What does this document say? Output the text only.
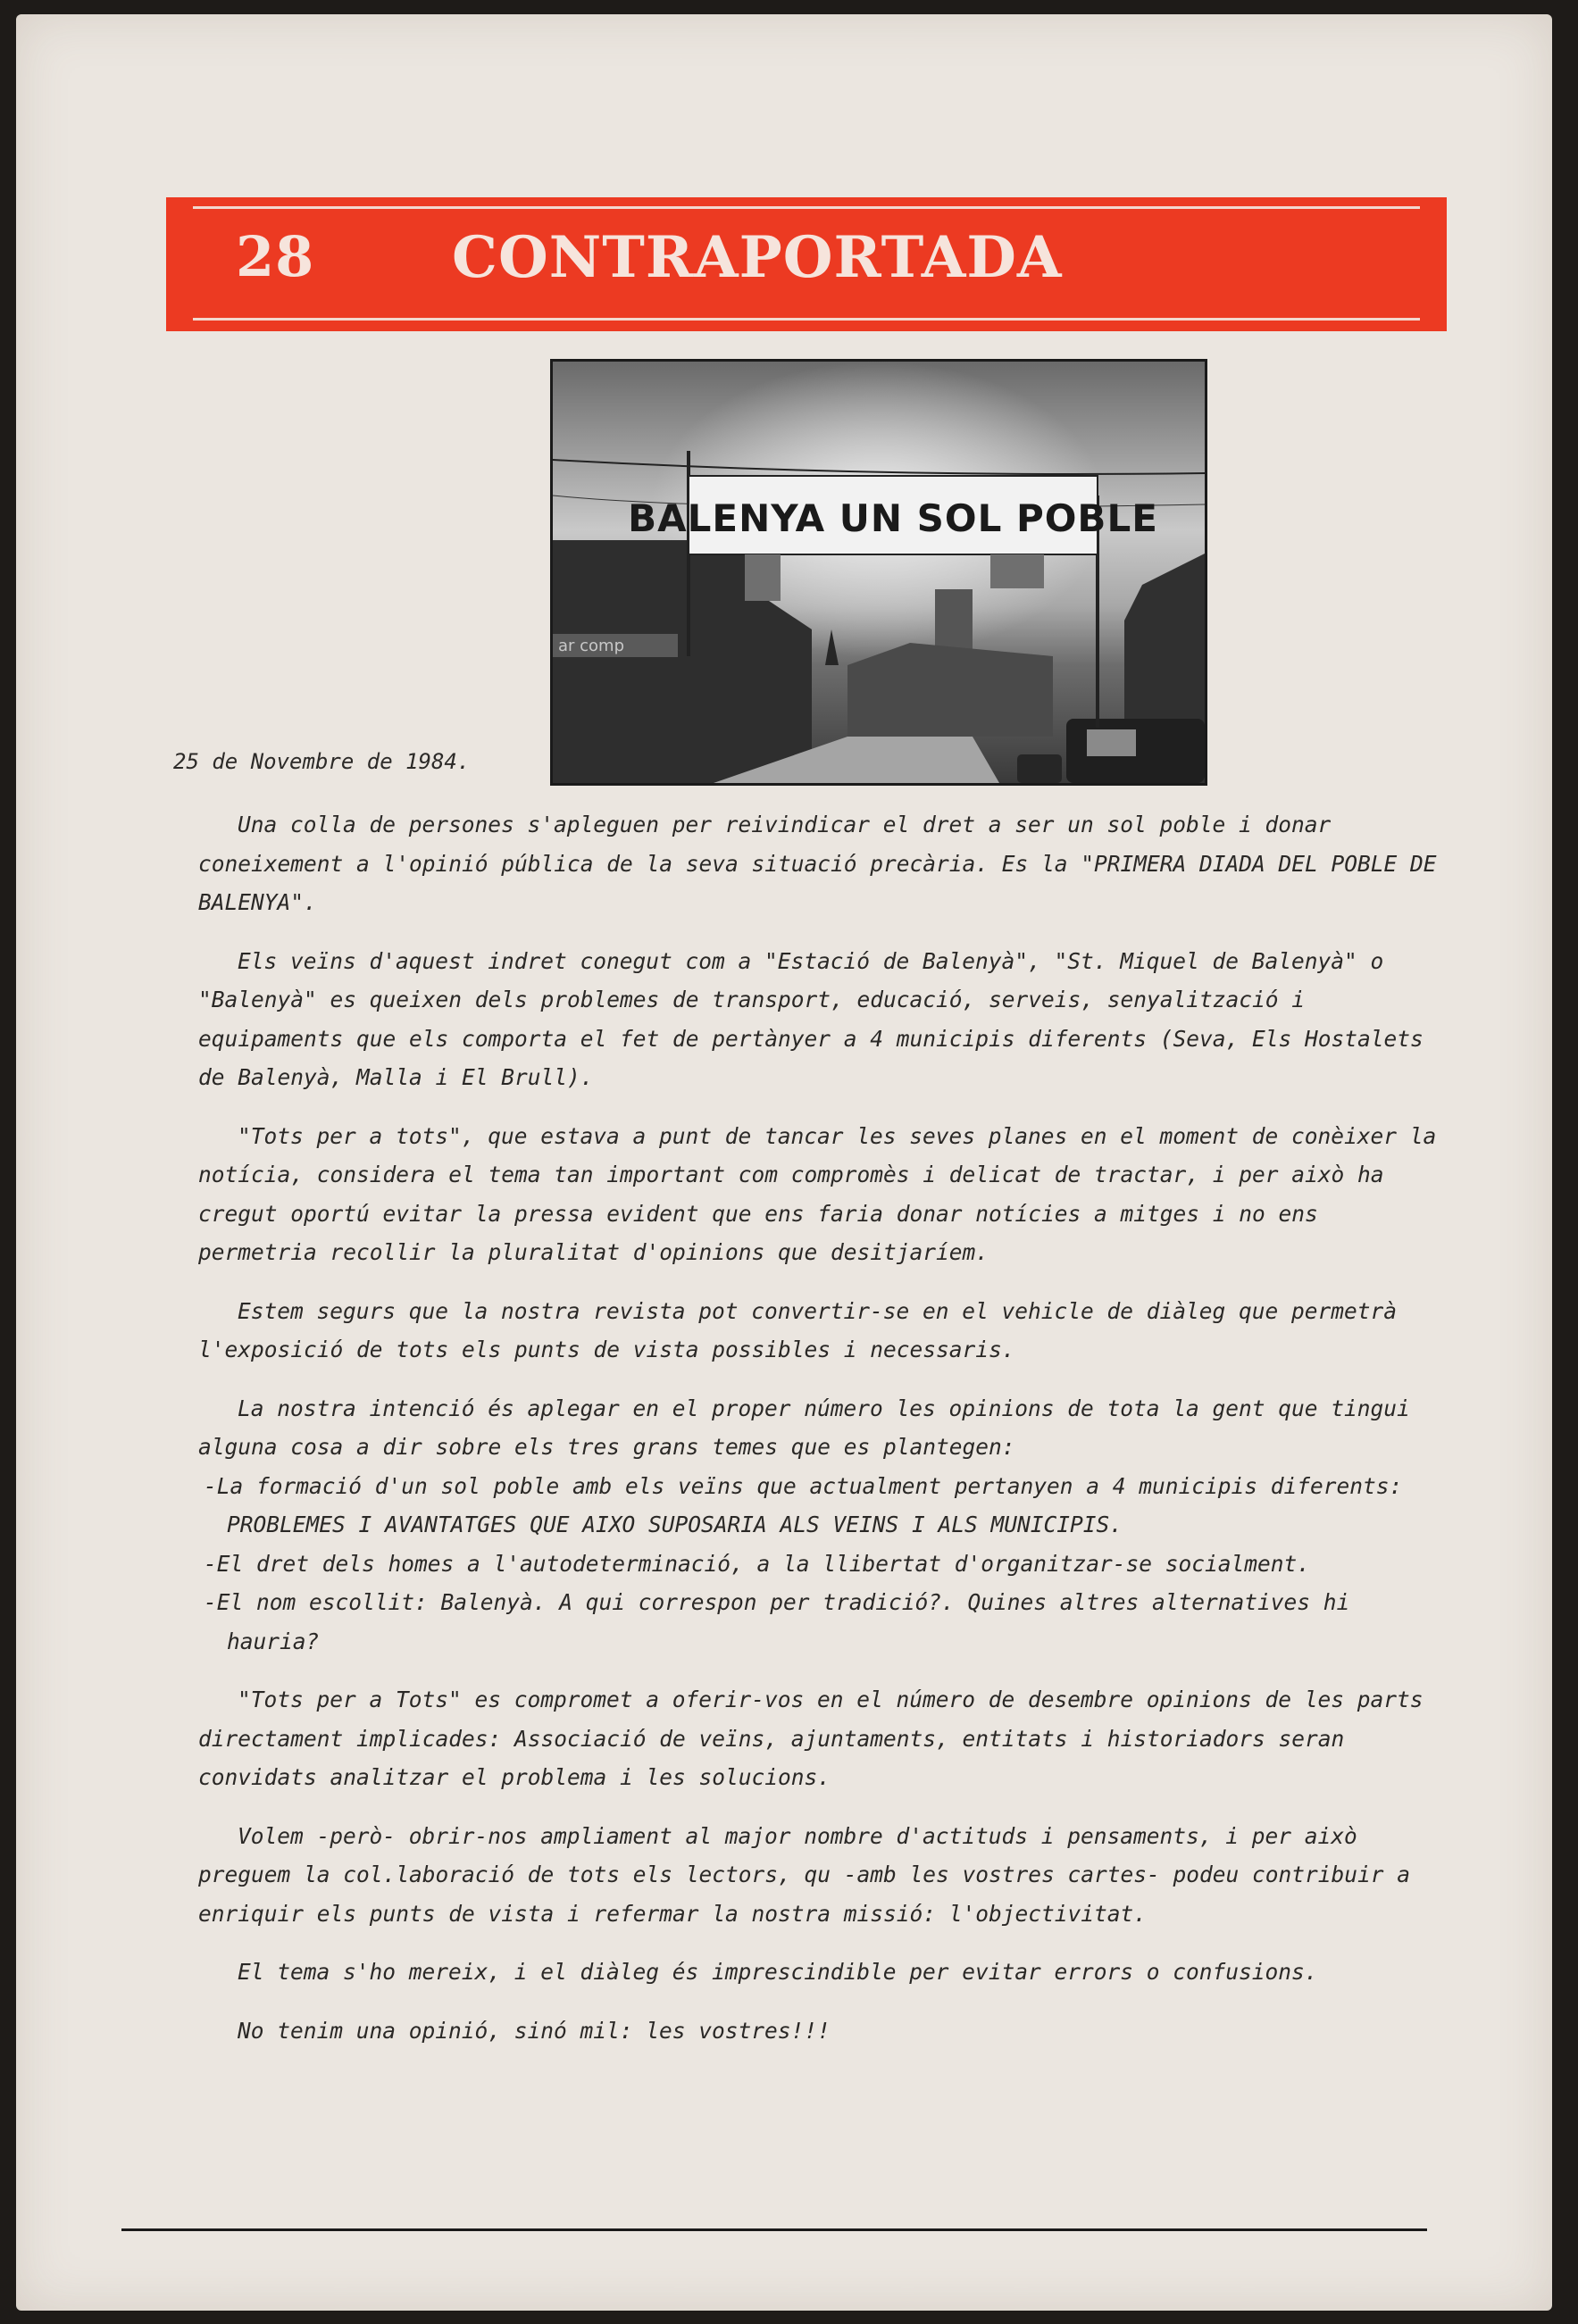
28 CONTRAPORTADA
ar comp
BALENYA UN SOL POBLE
25 de Novembre de 1984.

Una colla de persones s'apleguen per reivindicar el dret a ser un sol poble i donar coneixement a l'opinió pública de la seva situació precària. Es la "PRIMERA DIADA DEL POBLE DE BALENYA".

Els veïns d'aquest indret conegut com a "Estació de Balenyà", "St. Miquel de Balenyà" o "Balenyà" es queixen dels problemes de transport, educació, serveis, senyalització i equipaments que els comporta el fet de pertànyer a 4 municipis diferents (Seva, Els Hostalets de Balenyà, Malla i El Brull).

"Tots per a tots", que estava a punt de tancar les seves planes en el moment de conèixer la notícia, considera el tema tan important com compromès i delicat de tractar, i per això ha cregut oportú evitar la pressa evident que ens faria donar notícies a mitges i no ens permetria recollir la pluralitat d'opinions que desitjaríem.

Estem segurs que la nostra revista pot convertir-se en el vehicle de diàleg que permetrà l'exposició de tots els punts de vista possibles i necessaris.

La nostra intenció és aplegar en el proper número les opinions de tota la gent que tingui alguna cosa a dir sobre els tres grans temes que es plantegen:

-La formació d'un sol poble amb els veïns que actualment pertanyen a 4 municipis diferents: PROBLEMES I AVANTATGES QUE AIXO SUPOSARIA ALS VEINS I ALS MUNICIPIS.

-El dret dels homes a l'autodeterminació, a la llibertat d'organitzar-se socialment.

-El nom escollit: Balenyà. A qui correspon per tradició?. Quines altres alternatives hi hauria?

"Tots per a Tots" es compromet a oferir-vos en el número de desembre opinions de les parts directament implicades: Associació de veïns, ajuntaments, entitats i historiadors seran convidats analitzar el problema i les solucions.

Volem -però- obrir-nos ampliament al major nombre d'actituds i pensaments, i per això preguem la col.laboració de tots els lectors, qu -amb les vostres cartes- podeu contribuir a enriquir els punts de vista i refermar la nostra missió: l'objectivitat.

El tema s'ho mereix, i el diàleg és imprescindible per evitar errors o confusions.

No tenim una opinió, sinó mil: les vostres!!!
